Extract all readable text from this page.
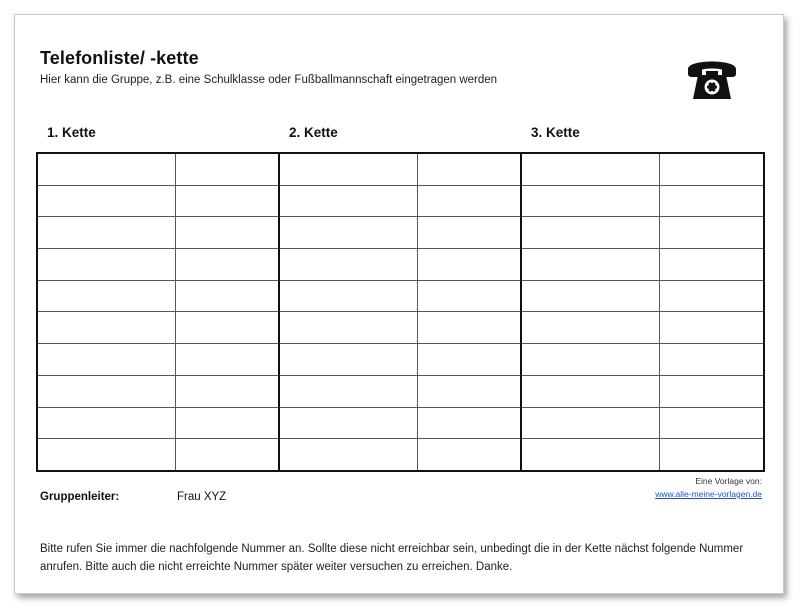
Telefonliste/ -kette
Hier kann die Gruppe, z.B. eine Schulklasse oder Fußballmannschaft eingetragen werden
1. Kette	2. Kette	3. Kette

Eine Vorlage von:
www.alle-meine-vorlagen.de
Gruppenleiter:	Frau XYZ
Bitte rufen Sie immer die nachfolgende Nummer an. Sollte diese nicht erreichbar sein, unbedingt die in der Kette nächst folgende Nummer anrufen. Bitte auch die nicht erreichte Nummer später weiter versuchen zu erreichen. Danke.
